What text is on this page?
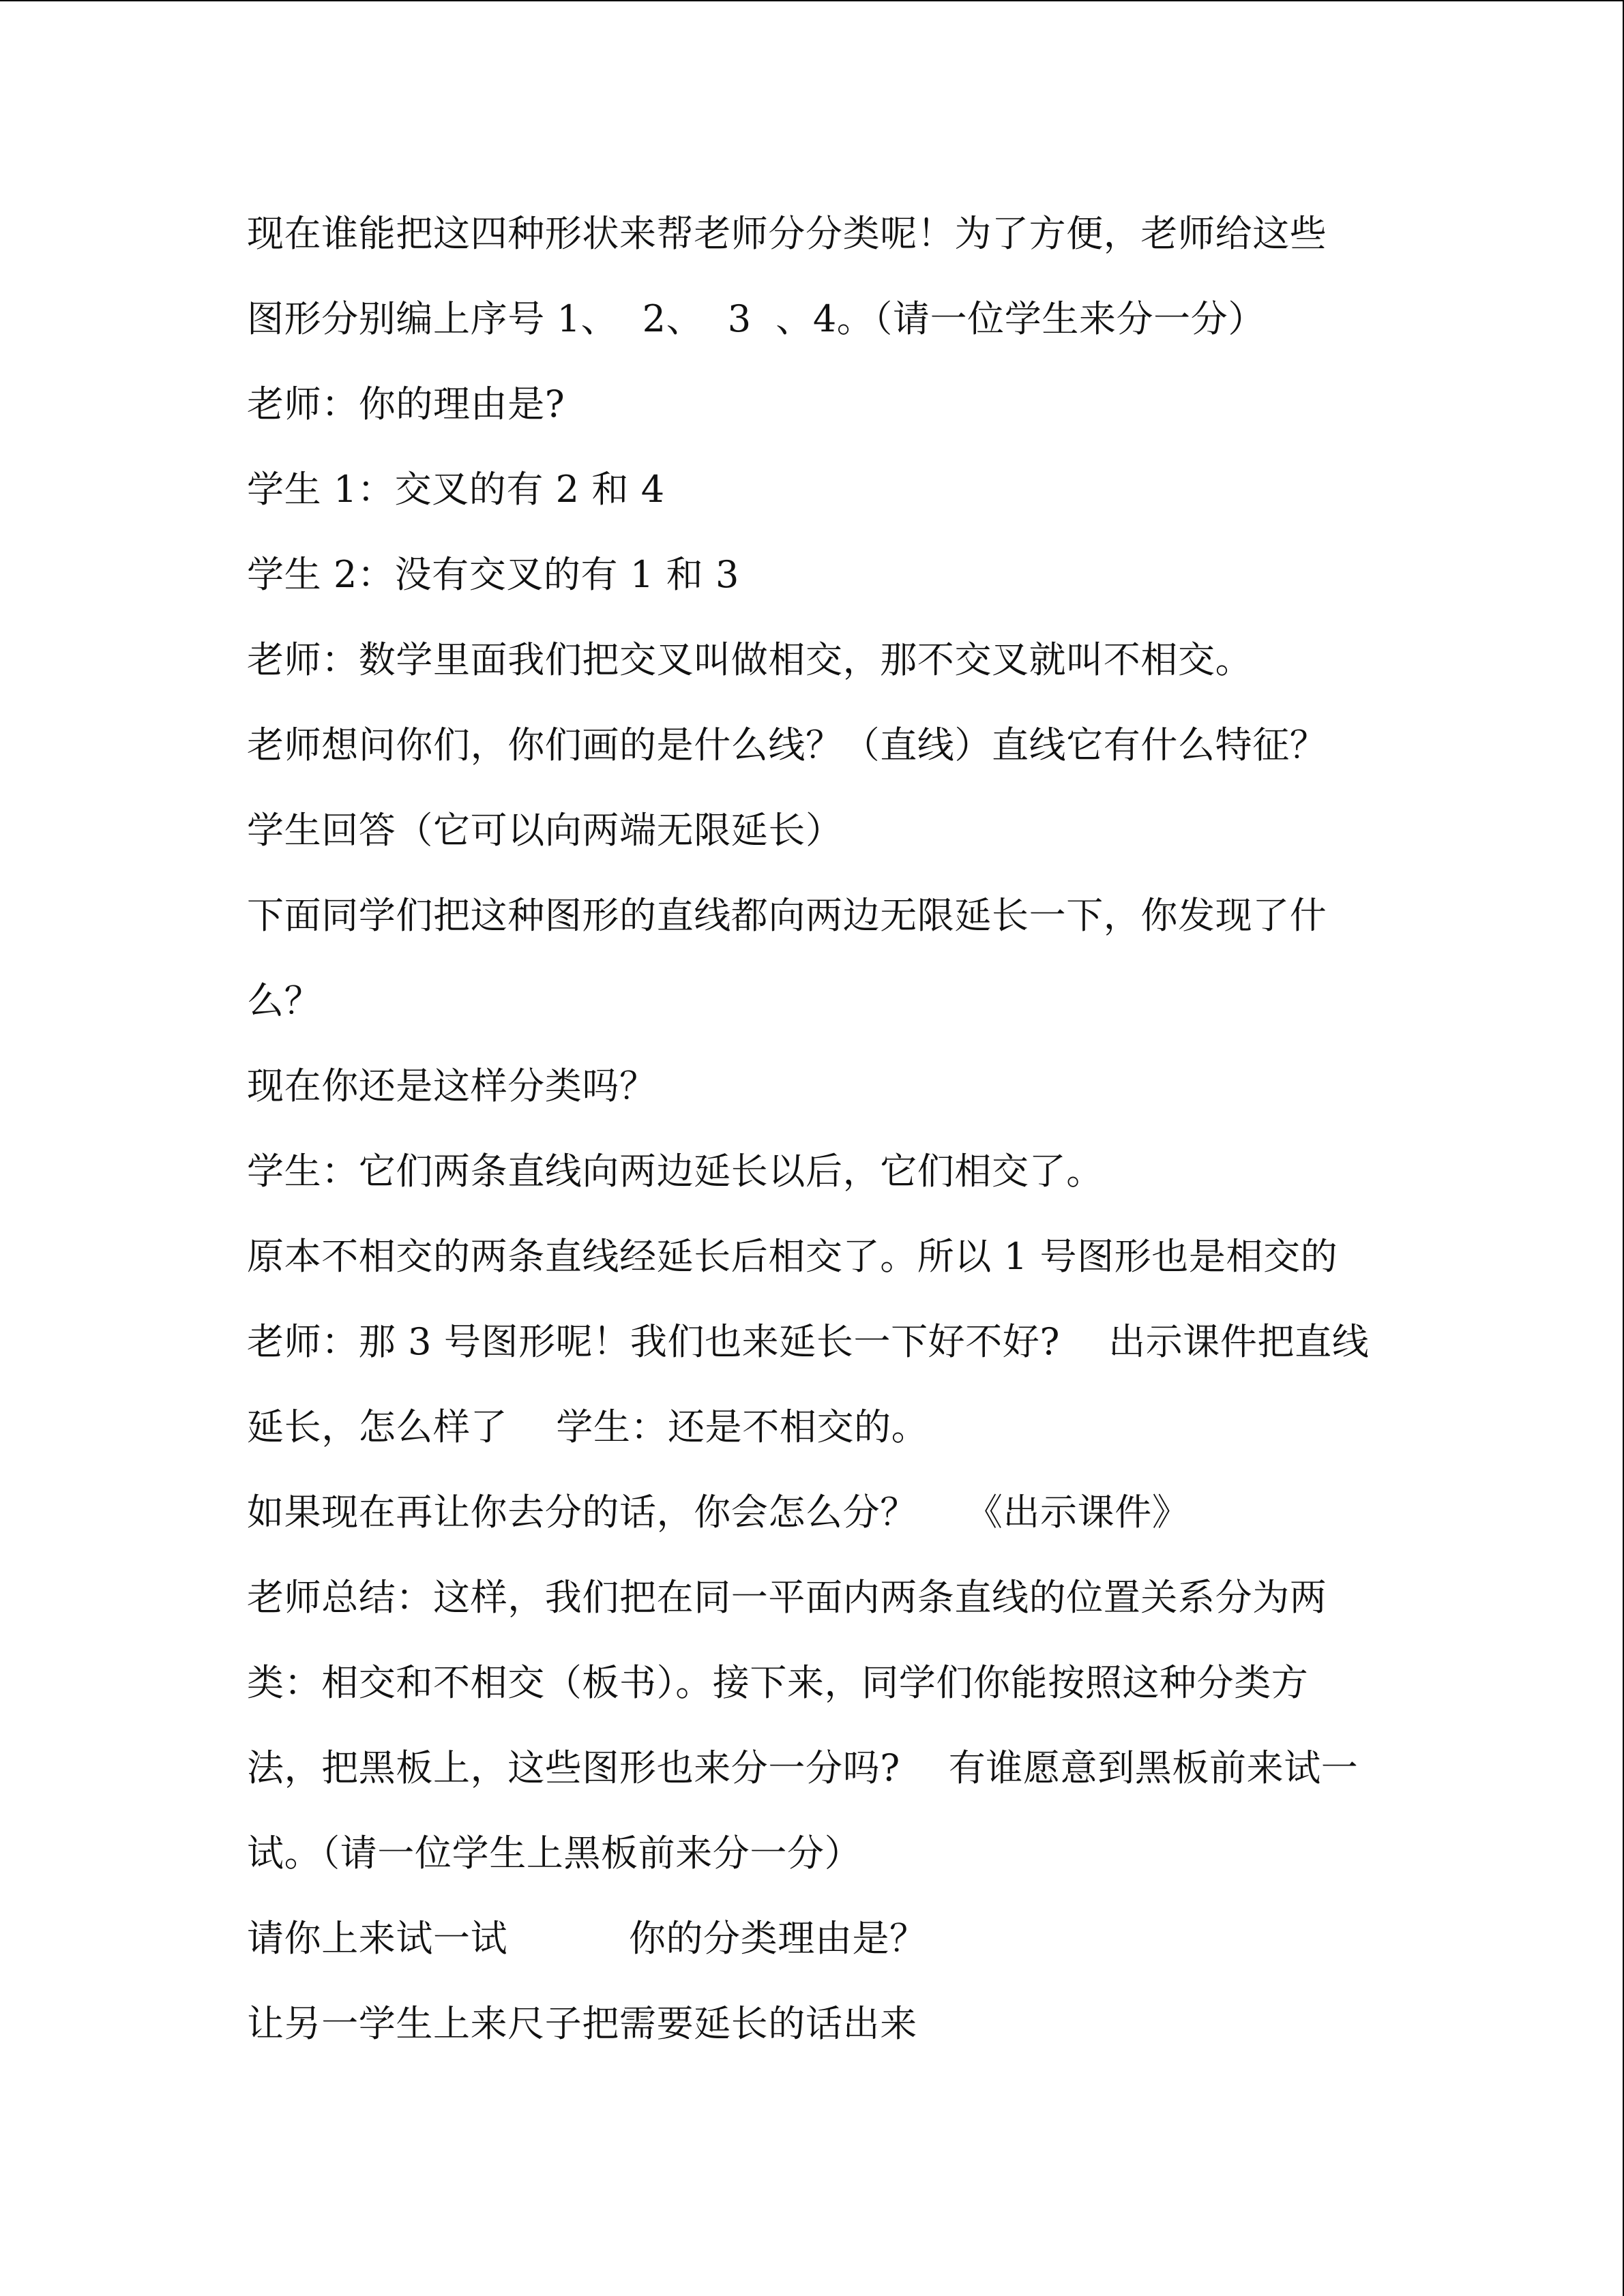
现在谁能把这四种形状来帮老师分分类呢！为了方便，老师给这些

图形分别编上序号 1、  2、  3  、4。（请一位学生来分一分）

老师：你的理由是?

学生 1：交叉的有 2 和 4

学生 2：没有交叉的有 1 和 3

老师：数学里面我们把交叉叫做相交，那不交叉就叫不相交。

老师想问你们，你们画的是什么线？（直线）直线它有什么特征？

学生回答（它可以向两端无限延长）

下面同学们把这种图形的直线都向两边无限延长一下，你发现了什

么？

现在你还是这样分类吗？

学生：它们两条直线向两边延长以后，它们相交了。

原本不相交的两条直线经延长后相交了。所以 1 号图形也是相交的

老师：那 3 号图形呢！我们也来延长一下好不好?    出示课件把直线

延长，怎么样了    学生：还是不相交的。

如果现在再让你去分的话，你会怎么分？    《出示课件》

老师总结：这样，我们把在同一平面内两条直线的位置关系分为两

类：相交和不相交（板书）。接下来，同学们你能按照这种分类方

法，把黑板上，这些图形也来分一分吗?    有谁愿意到黑板前来试一

试。（请一位学生上黑板前来分一分）

请你上来试一试          你的分类理由是？

让另一学生上来尺子把需要延长的话出来
